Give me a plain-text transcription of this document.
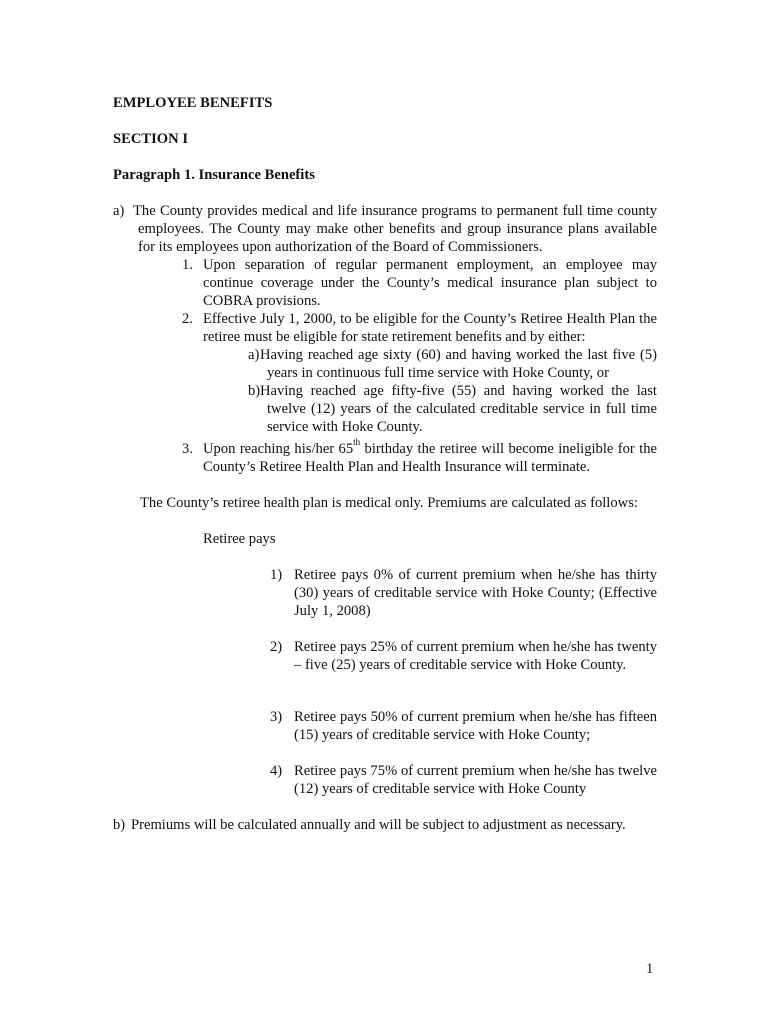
EMPLOYEE BENEFITS
SECTION I
Paragraph 1. Insurance Benefits
a) The County provides medical and life insurance programs to permanent full time county employees. The County may make other benefits and group insurance plans available for its employees upon authorization of the Board of Commissioners.
1. Upon separation of regular permanent employment, an employee may continue coverage under the County’s medical insurance plan subject to COBRA provisions.
2. Effective July 1, 2000, to be eligible for the County’s Retiree Health Plan the retiree must be eligible for state retirement benefits and by either:
a) Having reached age sixty (60) and having worked the last five (5) years in continuous full time service with Hoke County, or
b) Having reached age fifty-five (55) and having worked the last twelve (12) years of the calculated creditable service in full time service with Hoke County.
3. Upon reaching his/her 65th birthday the retiree will become ineligible for the County’s Retiree Health Plan and Health Insurance will terminate.
The County’s retiree health plan is medical only. Premiums are calculated as follows:
Retiree pays
1) Retiree pays 0% of current premium when he/she has thirty (30) years of creditable service with Hoke County; (Effective July 1, 2008)
2) Retiree pays 25% of current premium when he/she has twenty – five (25) years of creditable service with Hoke County.
3) Retiree pays 50% of current premium when he/she has fifteen (15) years of creditable service with Hoke County;
4) Retiree pays 75% of current premium when he/she has twelve (12) years of creditable service with Hoke County
b) Premiums will be calculated annually and will be subject to adjustment as necessary.
1
